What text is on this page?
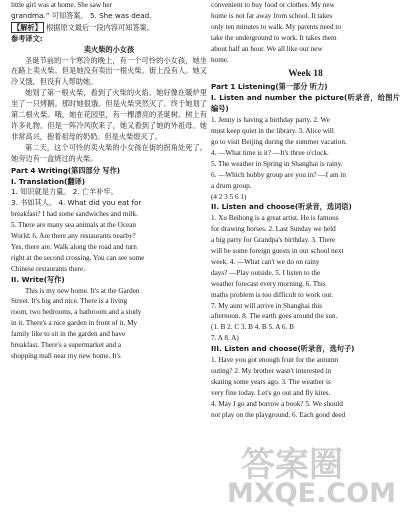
little girl was at home. She saw her

grandma.” 可知答案。 5. She was dead.

【解析】 根据原文最后一段内容可知答案。

参考译文:

卖火柴的小女孩

圣诞节前的一个寒冷的晚上，有一个可怜的小女孩，她坐在路上卖火柴。但是她没有卖出一根火柴。街上没有人。她又冷又饿，但没有人帮助她。

她划了第一根火柴，看到了火柴的火焰。她好像在暖炉里坐了一只烤鹅。那时她很饿。但是火柴突然灭了。终于她划了第二根火柴。哦，她在花园里，有一棵漂亮的圣诞树。树上有许多礼物。但是一阵冷风吹来了，她又看到了她的外祖母。她非常高兴，抱着祖母的奶奶。但是火柴熄灭了。

第二天，这个可怜的卖火柴的小女孩在街的拐角处死了。她旁边有一盒烧过的火柴。

Part 4 Writing(第四部分 写作)

I. Translation(翻译)

1. 知识就是力量。 2. 亡羊补牢。

3. 书如其人。 4. What did you eat for

breakfast? I had some sandwiches and milk.

5. There are many sea animals at the Ocean

World. 6. Are there any restaurants nearby?

Yes, there are. Walk along the road and turn

right at the second crossing. You can see some

Chinese restaurants there.

II. Write(写作)

This is my new home. It's at the Garden

Street. It's big and nice. There is a living

room, two bedrooms, a bathroom and a study

in it. There's a nice garden in front of it. My

family like to sit in the garden and have

breakfast. There's a supermarket and a

shopping mall near my new home. It's

convenient to buy food or clothes. My new

home is not far away from school. It takes

only ten minutes to walk. My parents need to

take the underground to work. It takes them

about half an hour. We all like our new

home.

Week 18

Part 1 Listening(第一部分 听力)

I. Listen and number the picture(听录音，给图片编号)

1. Jenny is having a birthday party. 2. We

must keep quiet in the library. 3. Alice will

go to visit Beijing during the summer vacation.

4. —What time is it? —It's three o'clock.

5. The weather in Spring in Shanghai is rainy.

6. —Which hobby group are you in? —I am in

a drum group.

(4 2 3 5 6 1)

II. Listen and choose(听录音，选词语)

1. Xu Beihong is a great artist. He is famous

for drawing horses. 2. Last Sunday we held

a big party for Grandpa's birthday. 3. There

will be some foreign guests in our school next

week. 4. —What can't we do on rainy

days? —Play outside. 5. I listen to the

weather forecast every morning. 6. This

maths problem is too difficult to work out.

7. My aunt will arrive in Shanghai this

afternoon. 8. The earth goes around the sun.

(1. B 2. C 3. B 4. B 5. A 6. B

7. A 8. A)

III. Listen and choose(听录音，选句子)

1. Have you got enough fruit for the autumn

outing? 2. My brother wasn't interested in

skating some years ago. 3. The weather is

very fine today. Let's go out and fly kites.

4. May I go and borrow a book? 5. We should

not play on the playground. 6. Each good deed

答案圈
MXQE.COM
